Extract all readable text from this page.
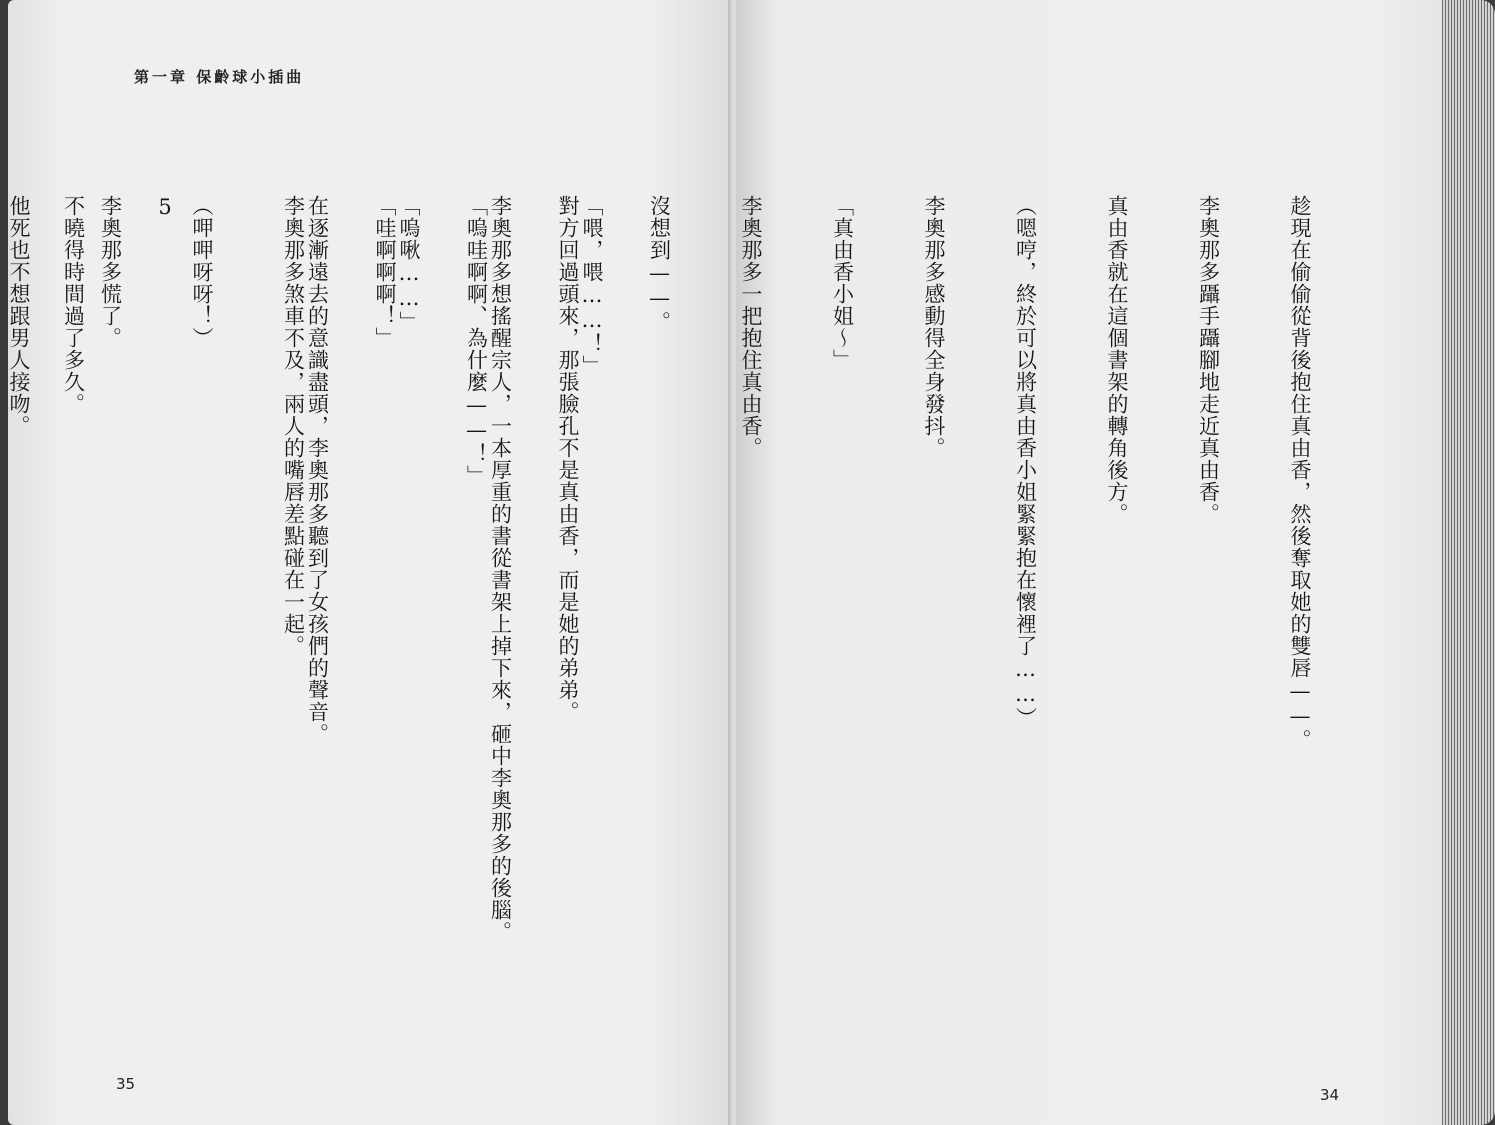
第一章 保齡球小插曲

「喂，喂……！」

李奧那多想搖醒宗人，一本厚重的書從書架上掉下來，砸中李奧那多的後腦。

「嗚啾……」

在逐漸遠去的意識盡頭，李奧那多聽到了女孩們的聲音。

5

不曉得時間過了多久。

35

趁現在偷偷從背後抱住真由香，然後奪取她的雙唇——。

李奧那多躡手躡腳地走近真由香。

真由香就在這個書架的轉角後方。

（嗯哼，終於可以將真由香小姐緊緊抱在懷裡了……）

李奧那多感動得全身發抖。

「真由香小姐～」

李奧那多一把抱住真由香。

沒想到——。

對方回過頭來，那張臉孔不是真由香，而是她的弟弟。

「嗚哇啊啊、為什麼——！」

「哇啊啊啊！」

李奧那多煞車不及，兩人的嘴唇差點碰在一起。

（呷呷呀呀！）

李奧那多慌了。

他死也不想跟男人接吻。

34
